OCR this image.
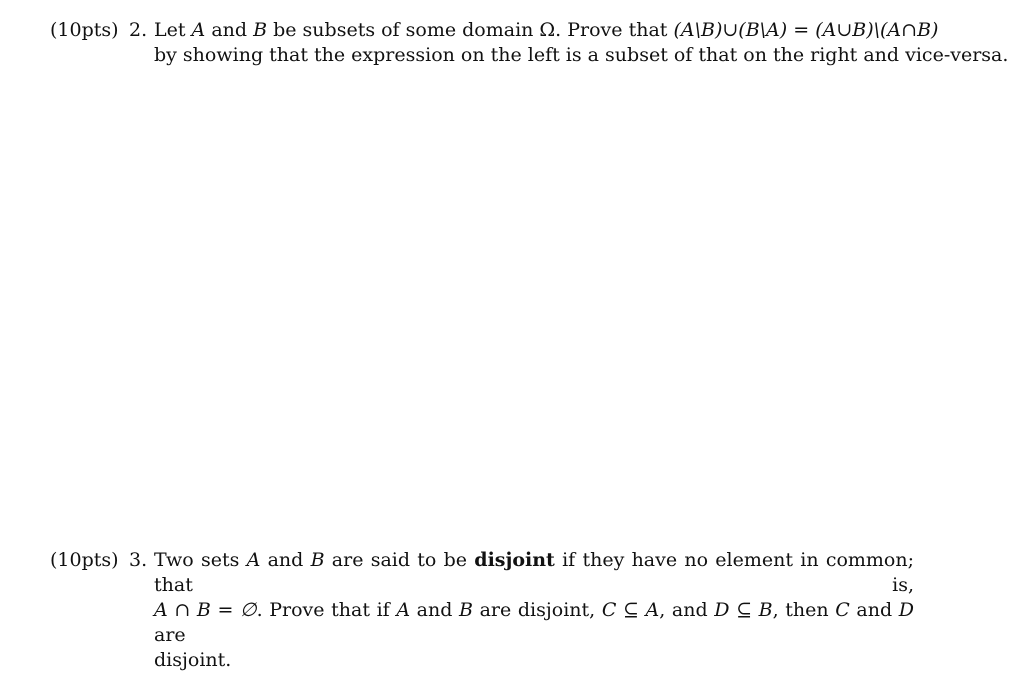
(10pts) 2. Let A and B be subsets of some domain Ω. Prove that (A\B)∪(B\A) = (A∪B)\(A∩B)
by showing that the expression on the left is a subset of that on the right and vice-versa.
(10pts) 3. Two sets A and B are said to be disjoint if they have no element in common; that is,
A ∩ B = ∅. Prove that if A and B are disjoint, C ⊆ A, and D ⊆ B, then C and D are
disjoint.
